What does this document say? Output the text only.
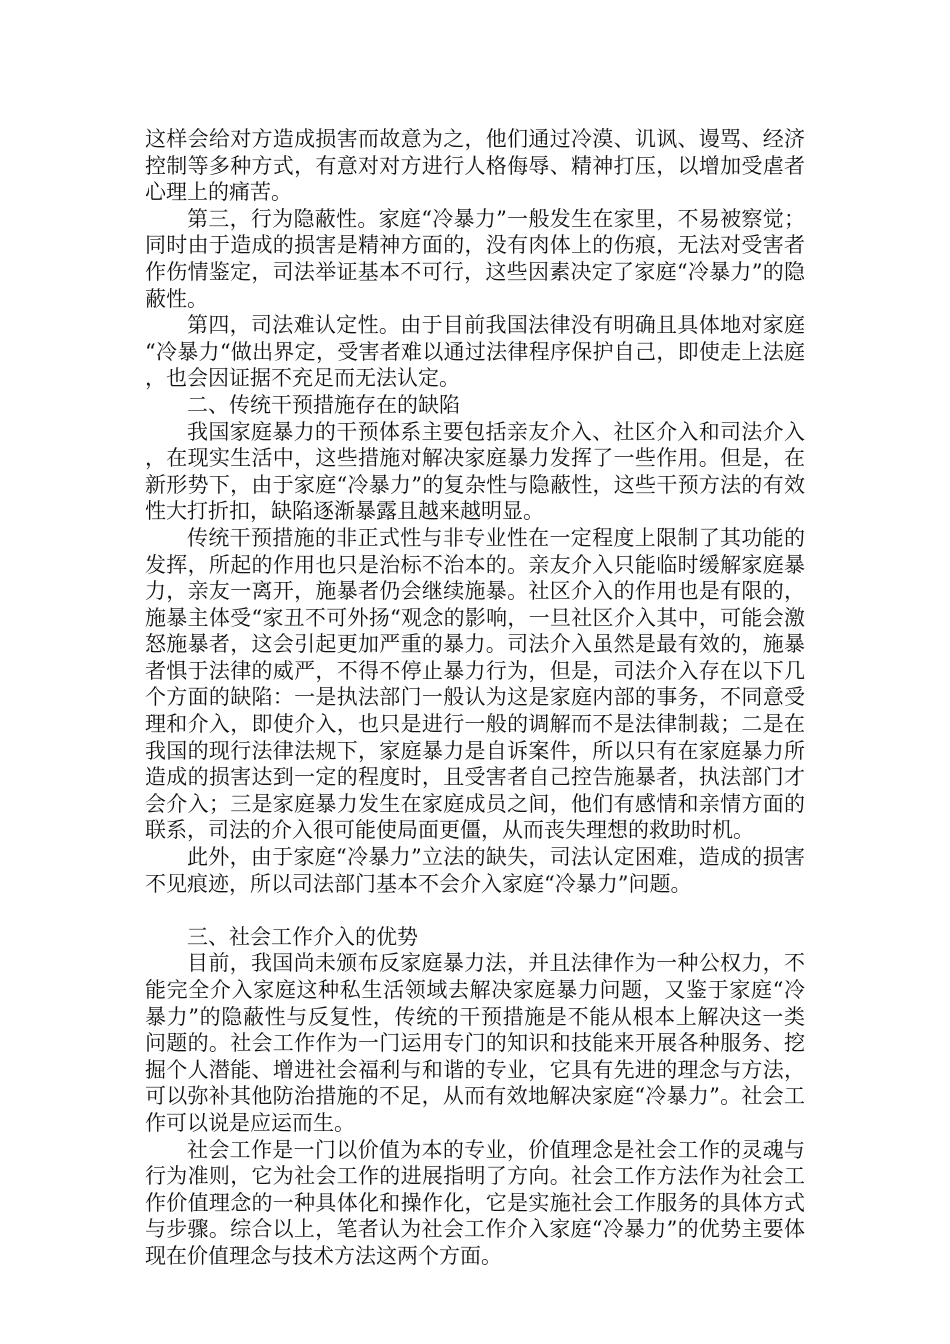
这样会给对方造成损害而故意为之，他们通过冷漠、讥讽、谩骂、经济控制等多种方式，有意对对方进行人格侮辱、精神打压，以增加受虐者心理上的痛苦。

第三，行为隐蔽性。家庭“冷暴力”一般发生在家里，不易被察觉；同时由于造成的损害是精神方面的，没有肉体上的伤痕，无法对受害者作伤情鉴定，司法举证基本不可行，这些因素决定了家庭“冷暴力”的隐蔽性。

第四，司法难认定性。由于目前我国法律没有明确且具体地对家庭“冷暴力“做出界定，受害者难以通过法律程序保护自己，即使走上法庭，也会因证据不充足而无法认定。

二、传统干预措施存在的缺陷

我国家庭暴力的干预体系主要包括亲友介入、社区介入和司法介入，在现实生活中，这些措施对解决家庭暴力发挥了一些作用。但是，在新形势下，由于家庭“冷暴力”的复杂性与隐蔽性，这些干预方法的有效性大打折扣，缺陷逐渐暴露且越来越明显。

传统干预措施的非正式性与非专业性在一定程度上限制了其功能的发挥，所起的作用也只是治标不治本的。亲友介入只能临时缓解家庭暴力，亲友一离开，施暴者仍会继续施暴。社区介入的作用也是有限的，施暴主体受“家丑不可外扬“观念的影响，一旦社区介入其中，可能会激怒施暴者，这会引起更加严重的暴力。司法介入虽然是最有效的，施暴者惧于法律的威严，不得不停止暴力行为，但是，司法介入存在以下几个方面的缺陷：一是执法部门一般认为这是家庭内部的事务，不同意受理和介入，即使介入，也只是进行一般的调解而不是法律制裁；二是在我国的现行法律法规下，家庭暴力是自诉案件，所以只有在家庭暴力所造成的损害达到一定的程度时，且受害者自己控告施暴者，执法部门才会介入；三是家庭暴力发生在家庭成员之间，他们有感情和亲情方面的联系，司法的介入很可能使局面更僵，从而丧失理想的救助时机。

此外，由于家庭“冷暴力”立法的缺失，司法认定困难，造成的损害不见痕迹，所以司法部门基本不会介入家庭“冷暴力”问题。

三、社会工作介入的优势

目前，我国尚未颁布反家庭暴力法，并且法律作为一种公权力，不能完全介入家庭这种私生活领域去解决家庭暴力问题，又鉴于家庭“冷暴力”的隐蔽性与反复性，传统的干预措施是不能从根本上解决这一类问题的。社会工作作为一门运用专门的知识和技能来开展各种服务、挖掘个人潜能、增进社会福利与和谐的专业，它具有先进的理念与方法，可以弥补其他防治措施的不足，从而有效地解决家庭“冷暴力”。社会工作可以说是应运而生。

社会工作是一门以价值为本的专业，价值理念是社会工作的灵魂与行为准则，它为社会工作的进展指明了方向。社会工作方法作为社会工作价值理念的一种具体化和操作化，它是实施社会工作服务的具体方式与步骤。综合以上，笔者认为社会工作介入家庭“冷暴力”的优势主要体现在价值理念与技术方法这两个方面。
